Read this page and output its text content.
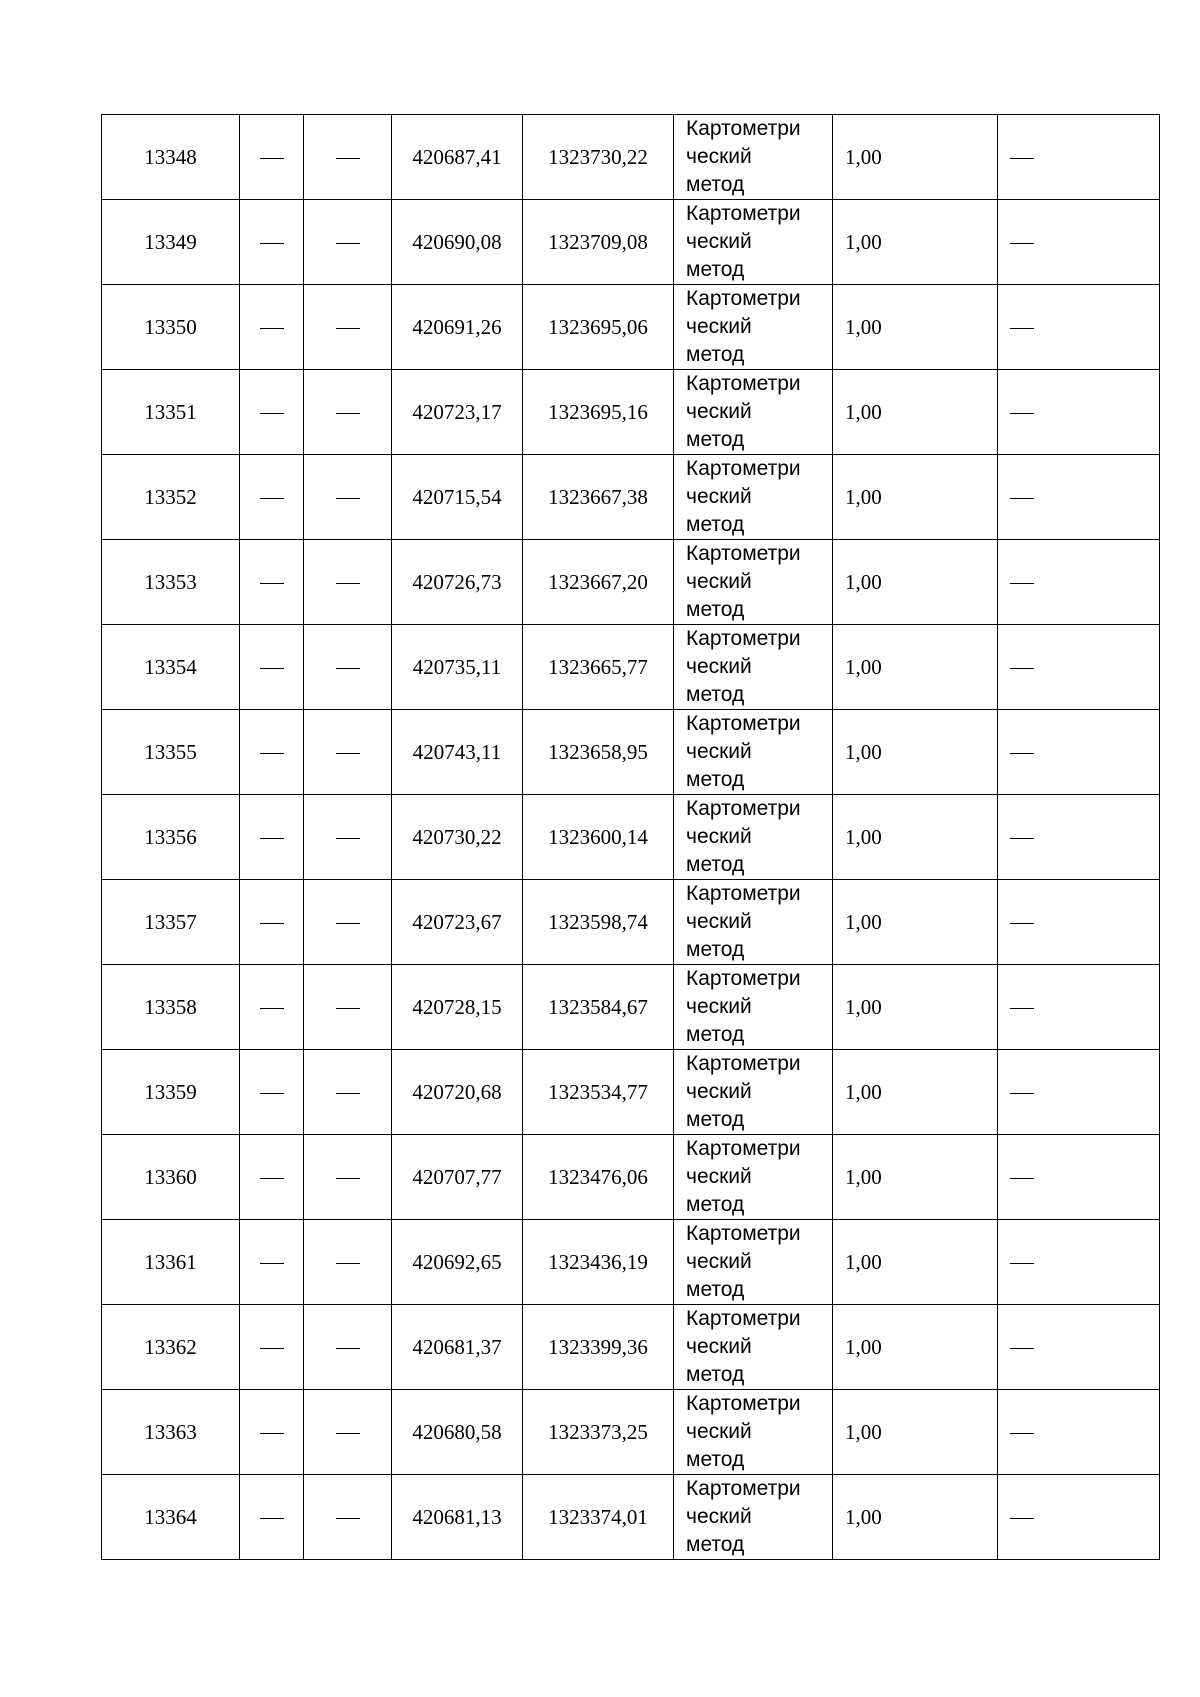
13348			420687,41	1323730,22	Картометри
ческий
метод	1,00	
13349			420690,08	1323709,08	Картометри
ческий
метод	1,00	
13350			420691,26	1323695,06	Картометри
ческий
метод	1,00	
13351			420723,17	1323695,16	Картометри
ческий
метод	1,00	
13352			420715,54	1323667,38	Картометри
ческий
метод	1,00	
13353			420726,73	1323667,20	Картометри
ческий
метод	1,00	
13354			420735,11	1323665,77	Картометри
ческий
метод	1,00	
13355			420743,11	1323658,95	Картометри
ческий
метод	1,00	
13356			420730,22	1323600,14	Картометри
ческий
метод	1,00	
13357			420723,67	1323598,74	Картометри
ческий
метод	1,00	
13358			420728,15	1323584,67	Картометри
ческий
метод	1,00	
13359			420720,68	1323534,77	Картометри
ческий
метод	1,00	
13360			420707,77	1323476,06	Картометри
ческий
метод	1,00	
13361			420692,65	1323436,19	Картометри
ческий
метод	1,00	
13362			420681,37	1323399,36	Картометри
ческий
метод	1,00	
13363			420680,58	1323373,25	Картометри
ческий
метод	1,00	
13364			420681,13	1323374,01	Картометри
ческий
метод	1,00	
